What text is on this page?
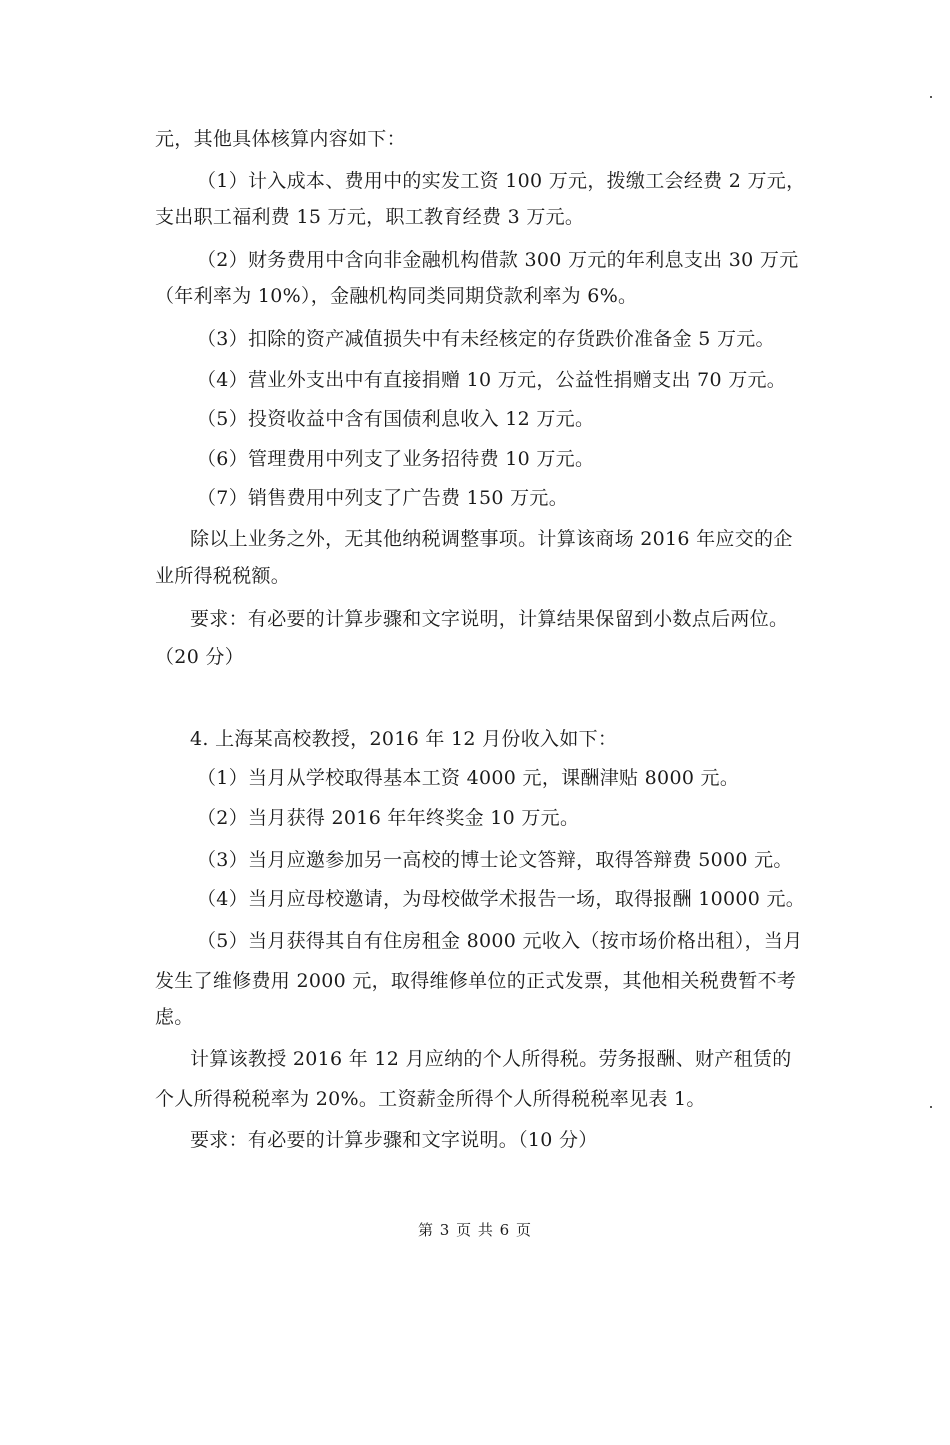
元，其他具体核算内容如下：
（1）计入成本、费用中的实发工资 100 万元，拨缴工会经费 2 万元，
支出职工福利费 15 万元，职工教育经费 3 万元。
（2）财务费用中含向非金融机构借款 300 万元的年利息支出 30 万元
（年利率为 10%），金融机构同类同期贷款利率为 6%。
（3）扣除的资产减值损失中有未经核定的存货跌价准备金 5 万元。
（4）营业外支出中有直接捐赠 10 万元，公益性捐赠支出 70 万元。
（5）投资收益中含有国债利息收入 12 万元。
（6）管理费用中列支了业务招待费 10 万元。
（7）销售费用中列支了广告费 150 万元。
除以上业务之外，无其他纳税调整事项。计算该商场 2016 年应交的企
业所得税税额。
要求：有必要的计算步骤和文字说明，计算结果保留到小数点后两位。
（20 分）
4. 上海某高校教授，2016 年 12 月份收入如下：
（1）当月从学校取得基本工资 4000 元，课酬津贴 8000 元。
（2）当月获得 2016 年年终奖金 10 万元。
（3）当月应邀参加另一高校的博士论文答辩，取得答辩费 5000 元。
（4）当月应母校邀请，为母校做学术报告一场，取得报酬 10000 元。
（5）当月获得其自有住房租金 8000 元收入（按市场价格出租），当月
发生了维修费用 2000 元，取得维修单位的正式发票，其他相关税费暂不考
虑。
计算该教授 2016 年 12 月应纳的个人所得税。劳务报酬、财产租赁的
个人所得税税率为 20%。工资薪金所得个人所得税税率见表 1。
要求：有必要的计算步骤和文字说明。（10 分）
第 3 页 共 6 页
